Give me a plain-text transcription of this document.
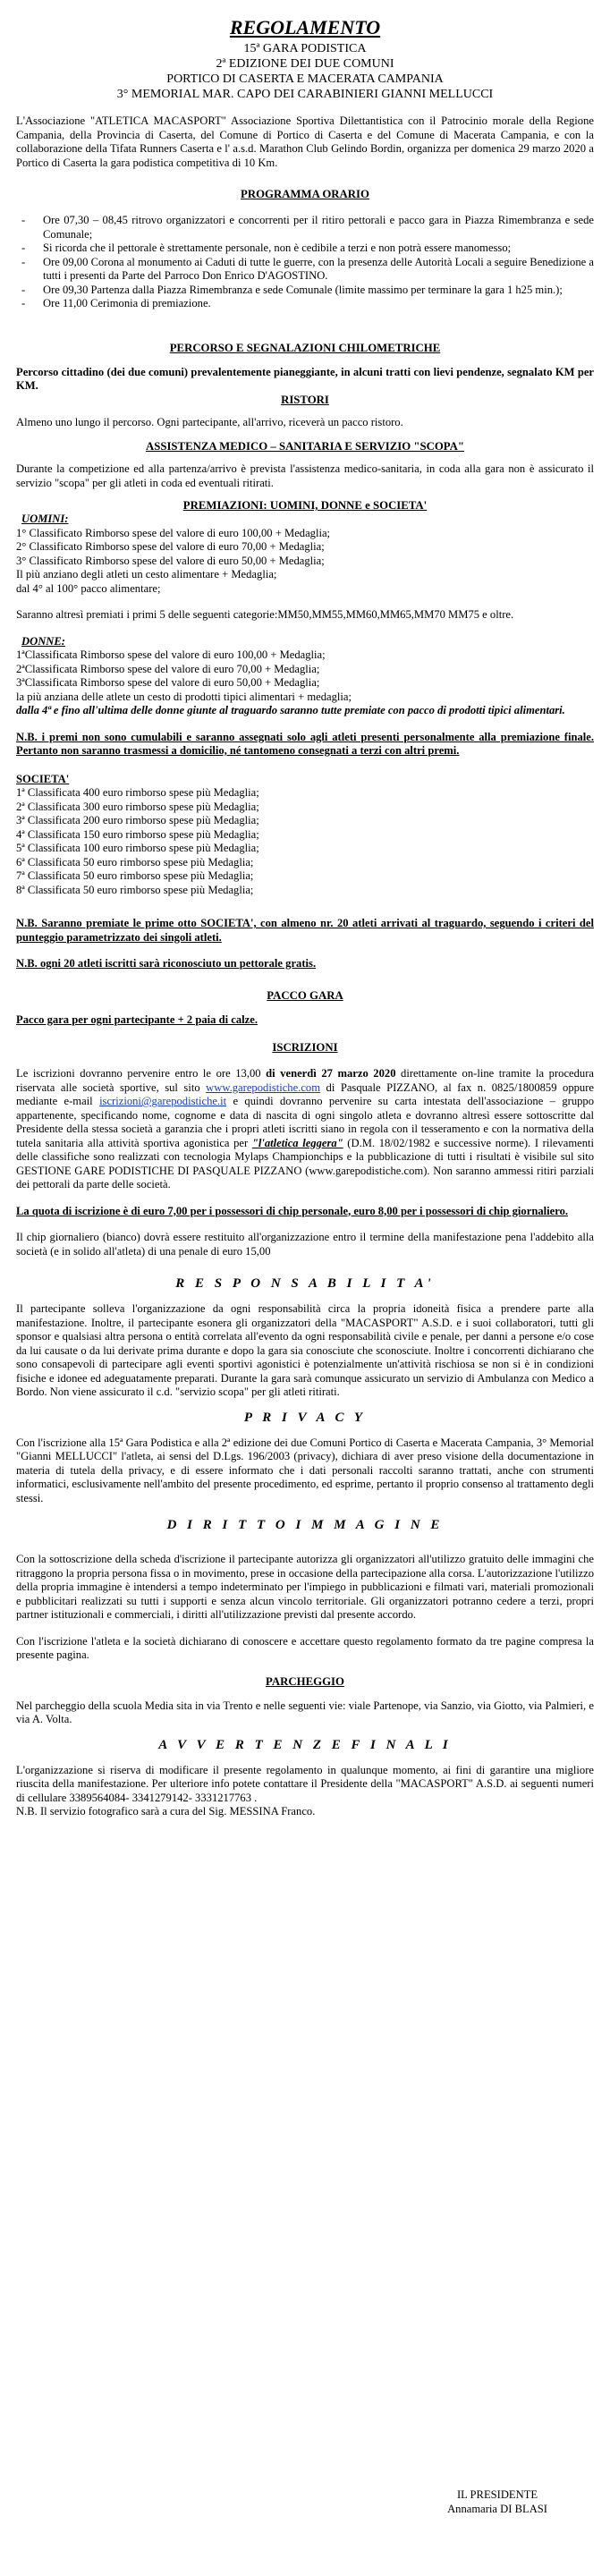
REGOLAMENTO
15ª GARA PODISTICA
2ª EDIZIONE DEI DUE COMUNI
PORTICO DI CASERTA E MACERATA CAMPANIA
3° MEMORIAL MAR. CAPO DEI CARABINIERI GIANNI MELLUCCI

L'Associazione "ATLETICA MACASPORT" Associazione Sportiva Dilettantistica con il Patrocinio morale della Regione Campania, della Provincia di Caserta, del Comune di Portico di Caserta e del Comune di Macerata Campania, e con la collaborazione della Tifata Runners Caserta e l' a.s.d. Marathon Club Gelindo Bordin, organizza per domenica 29 marzo 2020 a Portico di Caserta la gara podistica competitiva di 10 Km.

PROGRAMMA ORARIO
- Ore 07,30 – 08,45 ritrovo organizzatori e concorrenti per il ritiro pettorali e pacco gara in Piazza Rimembranza e sede Comunale;
- Si ricorda che il pettorale è strettamente personale, non è cedibile a terzi e non potrà essere manomesso;
- Ore 09,00 Corona al monumento ai Caduti di tutte le guerre, con la presenza delle Autorità Locali a seguire Benedizione a tutti i presenti da Parte del Parroco Don Enrico D'AGOSTINO.
- Ore 09,30 Partenza dalla Piazza Rimembranza e sede Comunale (limite massimo per terminare la gara 1 h25 min.);
- Ore 11,00 Cerimonia di premiazione.
PERCORSO E SEGNALAZIONI CHILOMETRICHE

Percorso cittadino (dei due comuni) prevalentemente pianeggiante, in alcuni tratti con lievi pendenze, segnalato KM per KM.

RISTORI

Almeno uno lungo il percorso. Ogni partecipante, all'arrivo, riceverà un pacco ristoro.

ASSISTENZA MEDICO – SANITARIA E SERVIZIO "SCOPA"

Durante la competizione ed alla partenza/arrivo è prevista l'assistenza medico-sanitaria, in coda alla gara non è assicurato il servizio "scopa" per gli atleti in coda ed eventuali ritirati.

PREMIAZIONI: UOMINI, DONNE e SOCIETA'

UOMINI:

1° Classificato Rimborso spese del valore di euro 100,00 + Medaglia;
2° Classificato Rimborso spese del valore di euro 70,00 + Medaglia;
3° Classificato Rimborso spese del valore di euro 50,00 + Medaglia;
Il più anziano degli atleti un cesto alimentare + Medaglia;
dal 4° al 100° pacco alimentare;

Saranno altresì premiati i primi 5 delle seguenti categorie:MM50,MM55,MM60,MM65,MM70 MM75 e oltre.

DONNE:

1ªClassificata Rimborso spese del valore di euro 100,00 + Medaglia;
2ªClassificata Rimborso spese del valore di euro 70,00 + Medaglia;
3ªClassificata Rimborso spese del valore di euro 50,00 + Medaglia;
la più anziana delle atlete un cesto di prodotti tipici alimentari + medaglia;

dalla 4ª e fino all'ultima delle donne giunte al traguardo saranno tutte premiate con pacco di prodotti tipici alimentari.

N.B. i premi non sono cumulabili e saranno assegnati solo agli atleti presenti personalmente alla premiazione finale. Pertanto non saranno trasmessi a domicilio, né tantomeno consegnati a terzi con altri premi.

SOCIETA'

1ª Classificata 400 euro rimborso spese più Medaglia;
2ª Classificata 300 euro rimborso spese più Medaglia;
3ª Classificata 200 euro rimborso spese più Medaglia;
4ª Classificata 150 euro rimborso spese più Medaglia;
5ª Classificata 100 euro rimborso spese più Medaglia;
6ª Classificata 50 euro rimborso spese più Medaglia;
7ª Classificata 50 euro rimborso spese più Medaglia;
8ª Classificata 50 euro rimborso spese più Medaglia;

N.B. Saranno premiate le prime otto SOCIETA', con almeno nr. 20 atleti arrivati al traguardo, seguendo i criteri del punteggio parametrizzato dei singoli atleti.

N.B. ogni 20 atleti iscritti sarà riconosciuto un pettorale gratis.

PACCO GARA

Pacco gara per ogni partecipante + 2 paia di calze.

ISCRIZIONI

Le iscrizioni dovranno pervenire entro le ore 13,00 di venerdì 27 marzo 2020 direttamente on-line tramite la procedura riservata alle società sportive, sul sito www.garepodistiche.com di Pasquale PIZZANO, al fax n. 0825/1800859 oppure mediante e-mail iscrizioni@garepodistiche.it e quindi dovranno pervenire su carta intestata dell'associazione – gruppo appartenente, specificando nome, cognome e data di nascita di ogni singolo atleta e dovranno altresì essere sottoscritte dal Presidente della stessa società a garanzia che i propri atleti iscritti siano in regola con il tesseramento e con la normativa della tutela sanitaria alla attività sportiva agonistica per "l'atletica leggera" (D.M. 18/02/1982 e successive norme). I rilevamenti delle classifiche sono realizzati con tecnologia Mylaps Championchips e la pubblicazione di tutti i risultati è visibile sul sito GESTIONE GARE PODISTICHE DI PASQUALE PIZZANO (www.garepodistiche.com). Non saranno ammessi ritiri parziali dei pettorali da parte delle società.

La quota di iscrizione è di euro 7,00 per i possessori di chip personale, euro 8,00 per i possessori di chip giornaliero.

Il chip giornaliero (bianco) dovrà essere restituito all'organizzazione entro il termine della manifestazione pena l'addebito alla società (e in solido all'atleta) di una penale di euro 15,00

R E S P O N S A B I L I T A'

Il partecipante solleva l'organizzazione da ogni responsabilità circa la propria idoneità fisica a prendere parte alla manifestazione. Inoltre, il partecipante esonera gli organizzatori della "MACASPORT" A.S.D. e i suoi collaboratori, tutti gli sponsor e qualsiasi altra persona o entità correlata all'evento da ogni responsabilità civile e penale, per danni a persone e/o cose da lui causate o da lui derivate prima durante e dopo la gara sia conosciute che sconosciute. Inoltre i concorrenti dichiarano che sono consapevoli di partecipare agli eventi sportivi agonistici è potenzialmente un'attività rischiosa se non si è in condizioni fisiche e idonee ed adeguatamente preparati. Durante la gara sarà comunque assicurato un servizio di Ambulanza con Medico a Bordo. Non viene assicurato il c.d. "servizio scopa" per gli atleti ritirati.

P R I V A C Y

Con l'iscrizione alla 15ª Gara Podistica e alla 2ª edizione dei due Comuni Portico di Caserta e Macerata Campania, 3° Memorial "Gianni MELLUCCI" l'atleta, ai sensi del D.Lgs. 196/2003 (privacy), dichiara di aver preso visione della documentazione in materia di tutela della privacy, e di essere informato che i dati personali raccolti saranno trattati, anche con strumenti informatici, esclusivamente nell'ambito del presente procedimento, ed esprime, pertanto il proprio consenso al trattamento degli stessi.

D I R I T T O I M M A G I N E

Con la sottoscrizione della scheda d'iscrizione il partecipante autorizza gli organizzatori all'utilizzo gratuito delle immagini che ritraggono la propria persona fissa o in movimento, prese in occasione della partecipazione alla corsa. L'autorizzazione l'utilizzo della propria immagine è intendersi a tempo indeterminato per l'impiego in pubblicazioni e filmati vari, materiali promozionali e pubblicitari realizzati su tutti i supporti e senza alcun vincolo territoriale. Gli organizzatori potranno cedere a terzi, propri partner istituzionali e commerciali, i diritti all'utilizzazione previsti dal presente accordo.

Con l'iscrizione l'atleta e la società dichiarano di conoscere e accettare questo regolamento formato da tre pagine compresa la presente pagina.

PARCHEGGIO

Nel parcheggio della scuola Media sita in via Trento e nelle seguenti vie: viale Partenope, via Sanzio, via Giotto, via Palmieri, e via A. Volta.

A V V E R T E N Z E F I N A L I

L'organizzazione si riserva di modificare il presente regolamento in qualunque momento, ai fini di garantire una migliore riuscita della manifestazione. Per ulteriore info potete contattare il Presidente della "MACASPORT" A.S.D. ai seguenti numeri di cellulare 3389564084- 3341279142- 3331217763 .

N.B. Il servizio fotografico sarà a cura del Sig. MESSINA Franco.

IL PRESIDENTE
Annamaria DI BLASI
